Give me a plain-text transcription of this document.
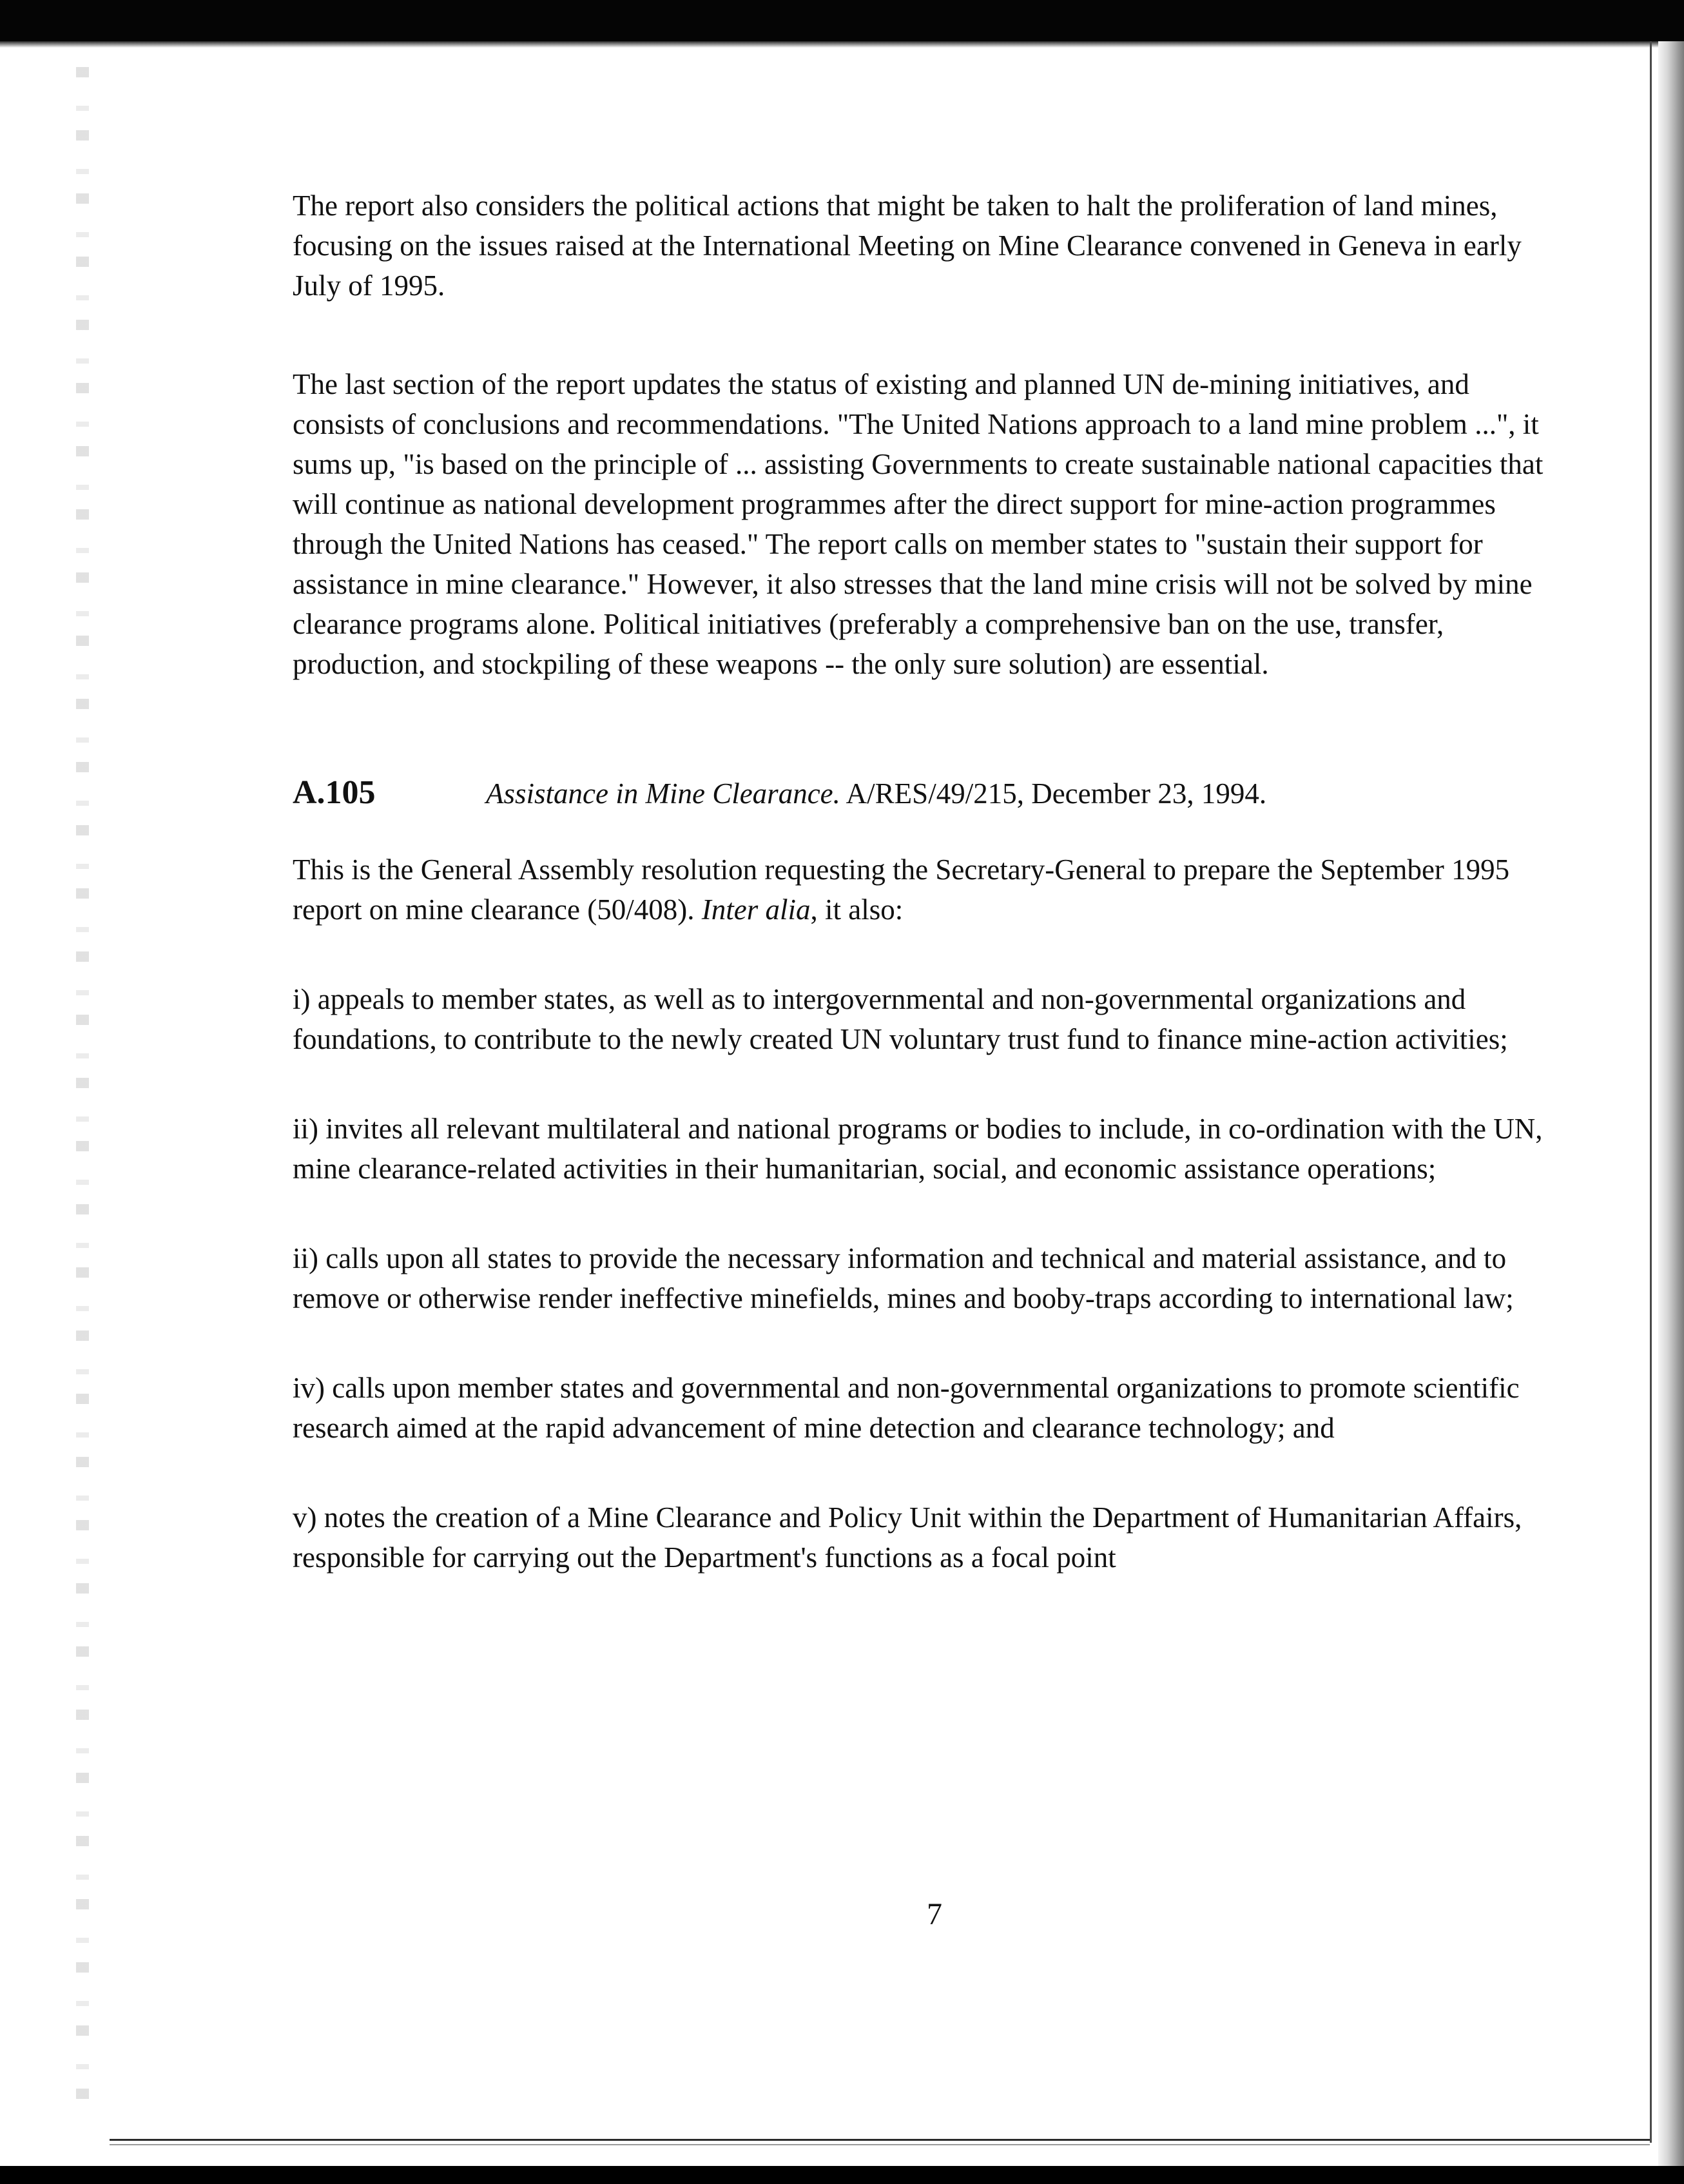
The report also considers the political actions that might be taken to halt the proliferation of land mines, focusing on the issues raised at the International Meeting on Mine Clearance convened in Geneva in early July of 1995.

The last section of the report updates the status of existing and planned UN de-mining initiatives, and consists of conclusions and recommendations. "The United Nations approach to a land mine problem ...", it sums up, "is based on the principle of ... assisting Governments to create sustainable national capacities that will continue as national development programmes after the direct support for mine-action programmes through the United Nations has ceased." The report calls on member states to "sustain their support for assistance in mine clearance." However, it also stresses that the land mine crisis will not be solved by mine clearance programs alone. Political initiatives (preferably a comprehensive ban on the use, transfer, production, and stockpiling of these weapons -- the only sure solution) are essential.

A.105	Assistance in Mine Clearance. A/RES/49/215, December 23, 1994.

This is the General Assembly resolution requesting the Secretary-General to prepare the September 1995 report on mine clearance (50/408). Inter alia, it also:

i) appeals to member states, as well as to intergovernmental and non-governmental organizations and foundations, to contribute to the newly created UN voluntary trust fund to finance mine-action activities;

ii) invites all relevant multilateral and national programs or bodies to include, in co-ordination with the UN, mine clearance-related activities in their humanitarian, social, and economic assistance operations;

ii) calls upon all states to provide the necessary information and technical and material assistance, and to remove or otherwise render ineffective minefields, mines and booby-traps according to international law;

iv) calls upon member states and governmental and non-governmental organizations to promote scientific research aimed at the rapid advancement of mine detection and clearance technology; and

v) notes the creation of a Mine Clearance and Policy Unit within the Department of Humanitarian Affairs, responsible for carrying out the Department's functions as a focal point

7
